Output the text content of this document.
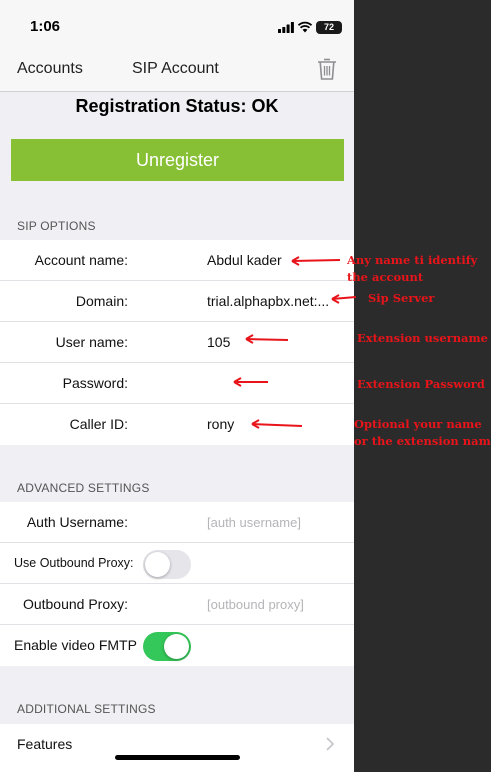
1:06	72
Accounts	SIP Account
Registration Status: OK
Unregister
SIP OPTIONS
Account name:	Abdul kader
Domain:	trial.alphapbx.net:...
User name:	105
Password:
Caller ID:	rony
ADVANCED SETTINGS
Auth Username:	[auth username]
Use Outbound Proxy:
Outbound Proxy:	[outbound proxy]
Enable video FMTP
ADDITIONAL SETTINGS
Features
Any name ti identify
the account
Sip Server
Extension username
Extension Password
Optional your name
or the extension nam
